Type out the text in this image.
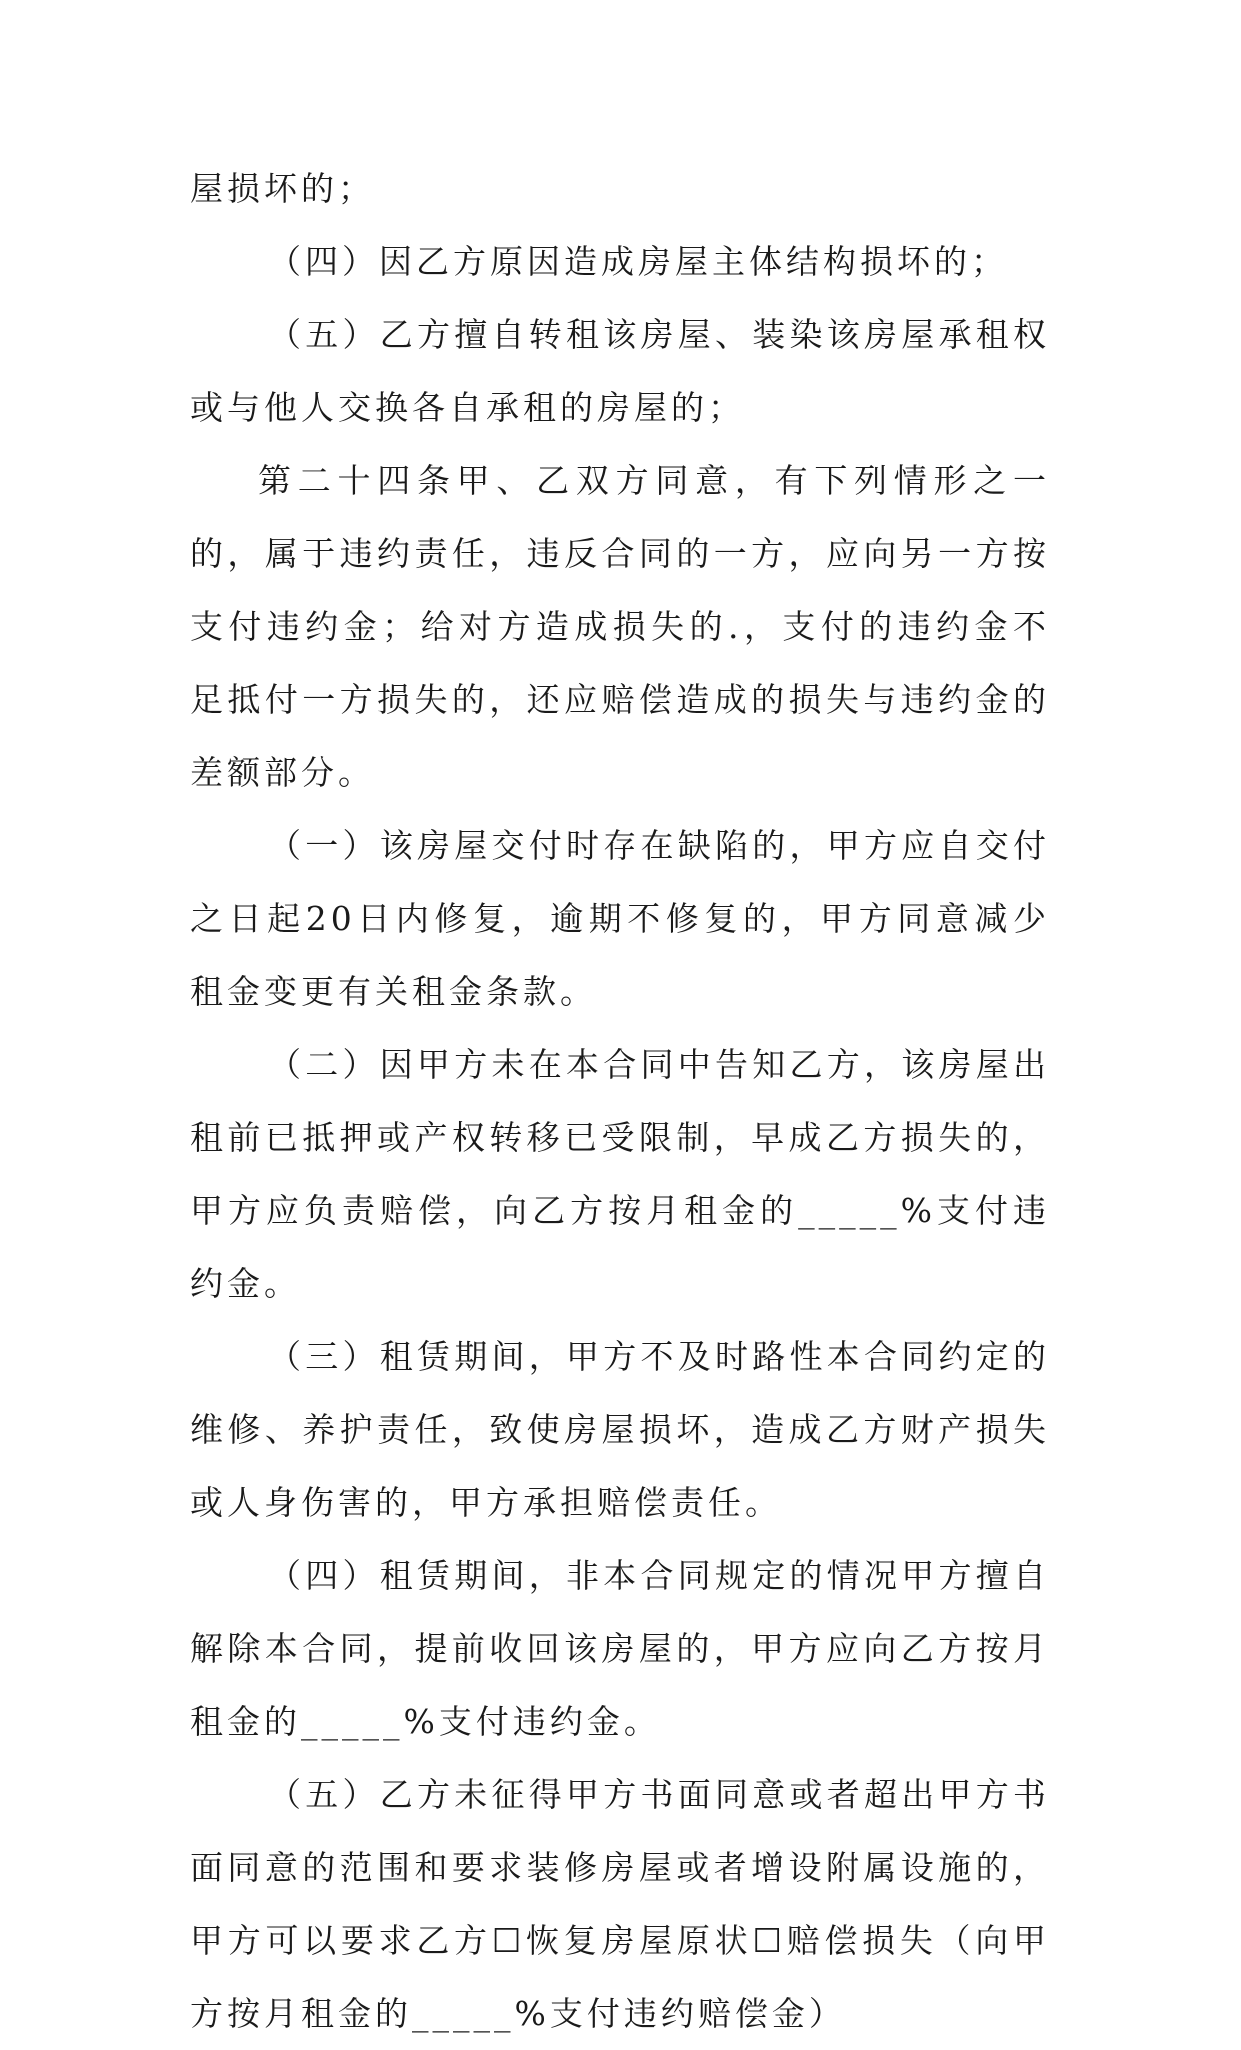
屋损坏的；

（四）因乙方原因造成房屋主体结构损坏的；

（五）乙方擅自转租该房屋、装染该房屋承租权或与他人交换各自承租的房屋的；

第二十四条甲、乙双方同意，有下列情形之一的，属于违约责任，违反合同的一方，应向另一方按支付违约金；给对方造成损失的.，支付的违约金不足抵付一方损失的，还应赔偿造成的损失与违约金的差额部分。

（一）该房屋交付时存在缺陷的，甲方应自交付之日起20日内修复，逾期不修复的，甲方同意减少租金变更有关租金条款。

（二）因甲方未在本合同中告知乙方，该房屋出租前已抵押或产权转移已受限制，早成乙方损失的，甲方应负责赔偿，向乙方按月租金的_____%支付违约金。

（三）租赁期间，甲方不及时路性本合同约定的维修、养护责任，致使房屋损坏，造成乙方财产损失或人身伤害的，甲方承担赔偿责任。

（四）租赁期间，非本合同规定的情况甲方擅自解除本合同，提前收回该房屋的，甲方应向乙方按月租金的_____%支付违约金。

（五）乙方未征得甲方书面同意或者超出甲方书面同意的范围和要求装修房屋或者增设附属设施的，甲方可以要求乙方☐恢复房屋原状☐赔偿损失（向甲方按月租金的_____%支付违约赔偿金）
